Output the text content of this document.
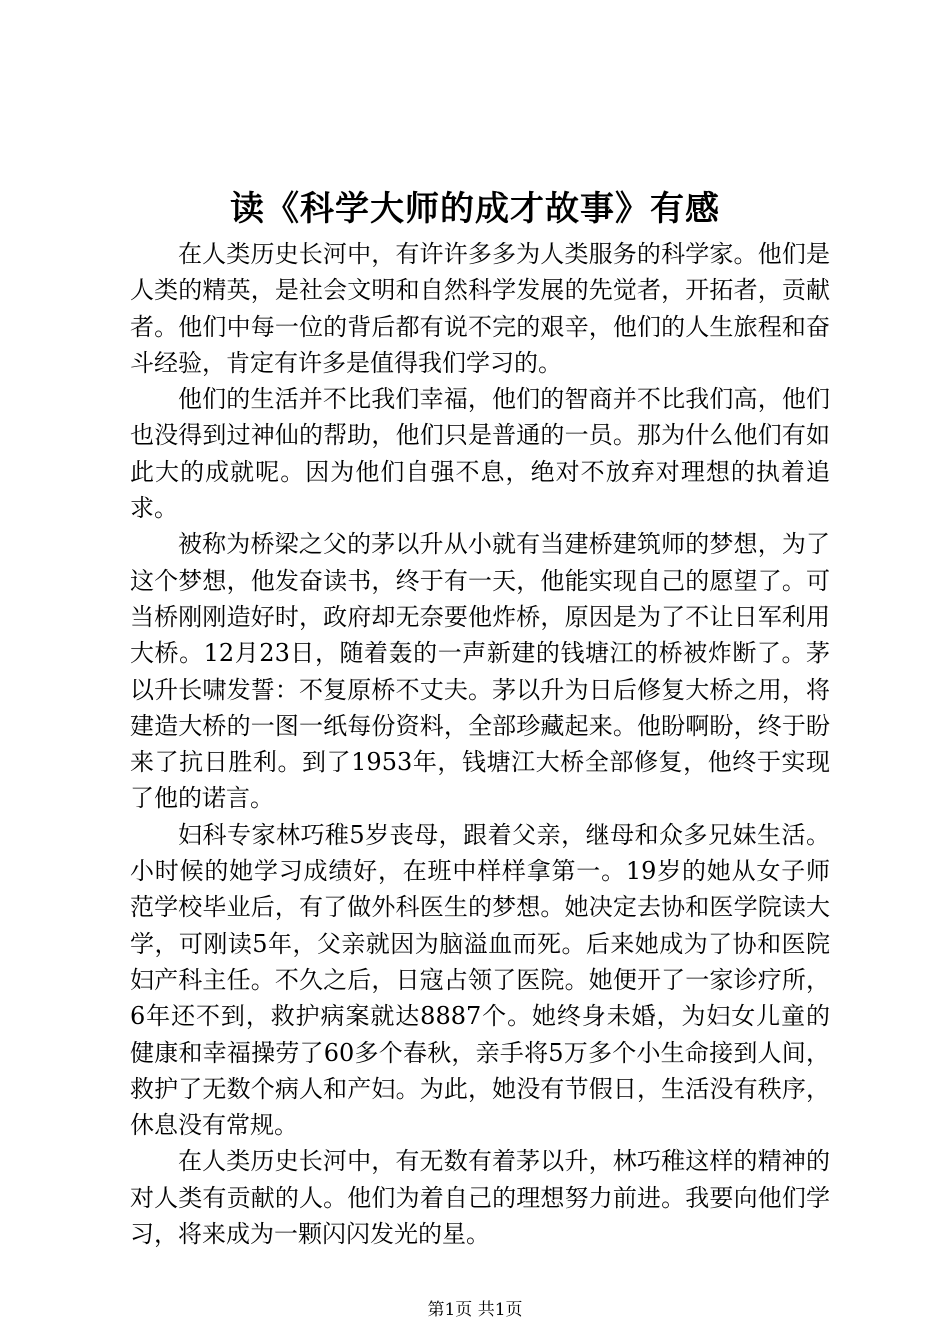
读《科学大师的成才故事》有感

在人类历史长河中，有许许多多为人类服务的科学家。他们是人类的精英，是社会文明和自然科学发展的先觉者，开拓者，贡献者。他们中每一位的背后都有说不完的艰辛，他们的人生旅程和奋斗经验，肯定有许多是值得我们学习的。

他们的生活并不比我们幸福，他们的智商并不比我们高，他们也没得到过神仙的帮助，他们只是普通的一员。那为什么他们有如此大的成就呢。因为他们自强不息，绝对不放弃对理想的执着追求。

被称为桥梁之父的茅以升从小就有当建桥建筑师的梦想，为了这个梦想，他发奋读书，终于有一天，他能实现自己的愿望了。可当桥刚刚造好时，政府却无奈要他炸桥，原因是为了不让日军利用大桥。12月23日，随着轰的一声新建的钱塘江的桥被炸断了。茅以升长啸发誓：不复原桥不丈夫。茅以升为日后修复大桥之用，将建造大桥的一图一纸每份资料，全部珍藏起来。他盼啊盼，终于盼来了抗日胜利。到了1953年，钱塘江大桥全部修复，他终于实现了他的诺言。

妇科专家林巧稚5岁丧母，跟着父亲，继母和众多兄妹生活。小时候的她学习成绩好，在班中样样拿第一。19岁的她从女子师范学校毕业后，有了做外科医生的梦想。她决定去协和医学院读大学，可刚读5年，父亲就因为脑溢血而死。后来她成为了协和医院妇产科主任。不久之后，日寇占领了医院。她便开了一家诊疗所，6年还不到，救护病案就达8887个。她终身未婚，为妇女儿童的健康和幸福操劳了60多个春秋，亲手将5万多个小生命接到人间，救护了无数个病人和产妇。为此，她没有节假日，生活没有秩序，休息没有常规。

在人类历史长河中，有无数有着茅以升，林巧稚这样的精神的对人类有贡献的人。他们为着自己的理想努力前进。我要向他们学习，将来成为一颗闪闪发光的星。

第1页 共1页
